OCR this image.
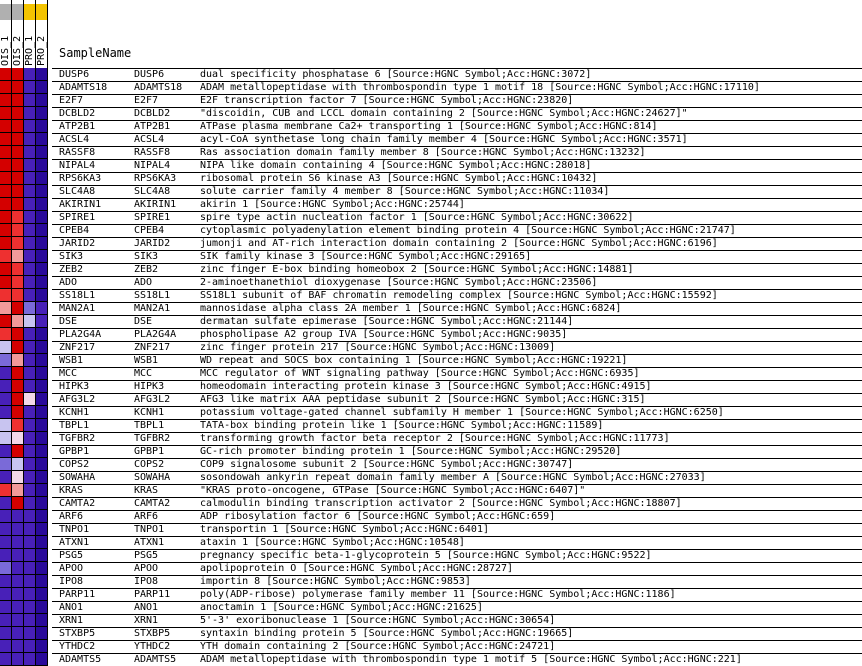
OIS_1 OIS_2 PRO_1 PRO_2 SampleName
DUSP6	DUSP6	dual specificity phosphatase 6 [Source:HGNC Symbol;Acc:HGNC:3072]
ADAMTS18	ADAMTS18 ADAM metallopeptidase with thrombospondin type 1 motif 18 [Source:HGNC Symbol;Acc:HGNC:17110]
E2F7	E2F7	E2F transcription factor 7 [Source:HGNC Symbol;Acc:HGNC:23820]
DCBLD2	DCBLD2	"discoidin, CUB and LCCL domain containing 2 [Source:HGNC Symbol;Acc:HGNC:24627]"
ATP2B1	ATP2B1	ATPase plasma membrane Ca2+ transporting 1 [Source:HGNC Symbol;Acc:HGNC:814]
ACSL4	ACSL4	acyl-CoA synthetase long chain family member 4 [Source:HGNC Symbol;Acc:HGNC:3571]
RASSF8	RASSF8	Ras association domain family member 8 [Source:HGNC Symbol;Acc:HGNC:13232]
NIPAL4	NIPAL4	NIPA like domain containing 4 [Source:HGNC Symbol;Acc:HGNC:28018]
RPS6KA3	RPS6KA3 ribosomal protein S6 kinase A3 [Source:HGNC Symbol;Acc:HGNC:10432]
SLC4A8	SLC4A8	solute carrier family 4 member 8 [Source:HGNC Symbol;Acc:HGNC:11034]
AKIRIN1	AKIRIN1 akirin 1 [Source:HGNC Symbol;Acc:HGNC:25744]
SPIRE1	SPIRE1	spire type actin nucleation factor 1 [Source:HGNC Symbol;Acc:HGNC:30622]
CPEB4	CPEB4	cytoplasmic polyadenylation element binding protein 4 [Source:HGNC Symbol;Acc:HGNC:21747]
JARID2	JARID2	jumonji and AT-rich interaction domain containing 2 [Source:HGNC Symbol;Acc:HGNC:6196]
SIK3	SIK3	SIK family kinase 3 [Source:HGNC Symbol;Acc:HGNC:29165]
ZEB2	ZEB2	zinc finger E-box binding homeobox 2 [Source:HGNC Symbol;Acc:HGNC:14881]
ADO	ADO	2-aminoethanethiol dioxygenase [Source:HGNC Symbol;Acc:HGNC:23506]
SS18L1	SS18L1	SS18L1 subunit of BAF chromatin remodeling complex [Source:HGNC Symbol;Acc:HGNC:15592]
MAN2A1	MAN2A1	mannosidase alpha class 2A member 1 [Source:HGNC Symbol;Acc:HGNC:6824]
DSE	DSE	dermatan sulfate epimerase [Source:HGNC Symbol;Acc:HGNC:21144]
PLA2G4A	PLA2G4A phospholipase A2 group IVA [Source:HGNC Symbol;Acc:HGNC:9035]
ZNF217	ZNF217	zinc finger protein 217 [Source:HGNC Symbol;Acc:HGNC:13009]
WSB1	WSB1	WD repeat and SOCS box containing 1 [Source:HGNC Symbol;Acc:HGNC:19221]
MCC	MCC	MCC regulator of WNT signaling pathway [Source:HGNC Symbol;Acc:HGNC:6935]
HIPK3	HIPK3	homeodomain interacting protein kinase 3 [Source:HGNC Symbol;Acc:HGNC:4915]
AFG3L2	AFG3L2	AFG3 like matrix AAA peptidase subunit 2 [Source:HGNC Symbol;Acc:HGNC:315]
KCNH1	KCNH1	potassium voltage-gated channel subfamily H member 1 [Source:HGNC Symbol;Acc:HGNC:6250]
TBPL1	TBPL1	TATA-box binding protein like 1 [Source:HGNC Symbol;Acc:HGNC:11589]
TGFBR2	TGFBR2	transforming growth factor beta receptor 2 [Source:HGNC Symbol;Acc:HGNC:11773]
GPBP1	GPBP1	GC-rich promoter binding protein 1 [Source:HGNC Symbol;Acc:HGNC:29520]
COPS2	COPS2	COP9 signalosome subunit 2 [Source:HGNC Symbol;Acc:HGNC:30747]
SOWAHA	SOWAHA	sosondowah ankyrin repeat domain family member A [Source:HGNC Symbol;Acc:HGNC:27033]
KRAS	KRAS	"KRAS proto-oncogene, GTPase [Source:HGNC Symbol;Acc:HGNC:6407]"
CAMTA2	CAMTA2	calmodulin binding transcription activator 2 [Source:HGNC Symbol;Acc:HGNC:18807]
ARF6	ARF6	ADP ribosylation factor 6 [Source:HGNC Symbol;Acc:HGNC:659]
TNPO1	TNPO1	transportin 1 [Source:HGNC Symbol;Acc:HGNC:6401]
ATXN1	ATXN1	ataxin 1 [Source:HGNC Symbol;Acc:HGNC:10548]
PSG5	PSG5	pregnancy specific beta-1-glycoprotein 5 [Source:HGNC Symbol;Acc:HGNC:9522]
APOO	APOO	apolipoprotein O [Source:HGNC Symbol;Acc:HGNC:28727]
IPO8	IPO8	importin 8 [Source:HGNC Symbol;Acc:HGNC:9853]
PARP11	PARP11	poly(ADP-ribose) polymerase family member 11 [Source:HGNC Symbol;Acc:HGNC:1186]
ANO1	ANO1	anoctamin 1 [Source:HGNC Symbol;Acc:HGNC:21625]
XRN1	XRN1	5'-3' exoribonuclease 1 [Source:HGNC Symbol;Acc:HGNC:30654]
STXBP5	STXBP5	syntaxin binding protein 5 [Source:HGNC Symbol;Acc:HGNC:19665]
YTHDC2	YTHDC2	YTH domain containing 2 [Source:HGNC Symbol;Acc:HGNC:24721]
ADAMTS5	ADAMTS5 ADAM metallopeptidase with thrombospondin type 1 motif 5 [Source:HGNC Symbol;Acc:HGNC:221]
